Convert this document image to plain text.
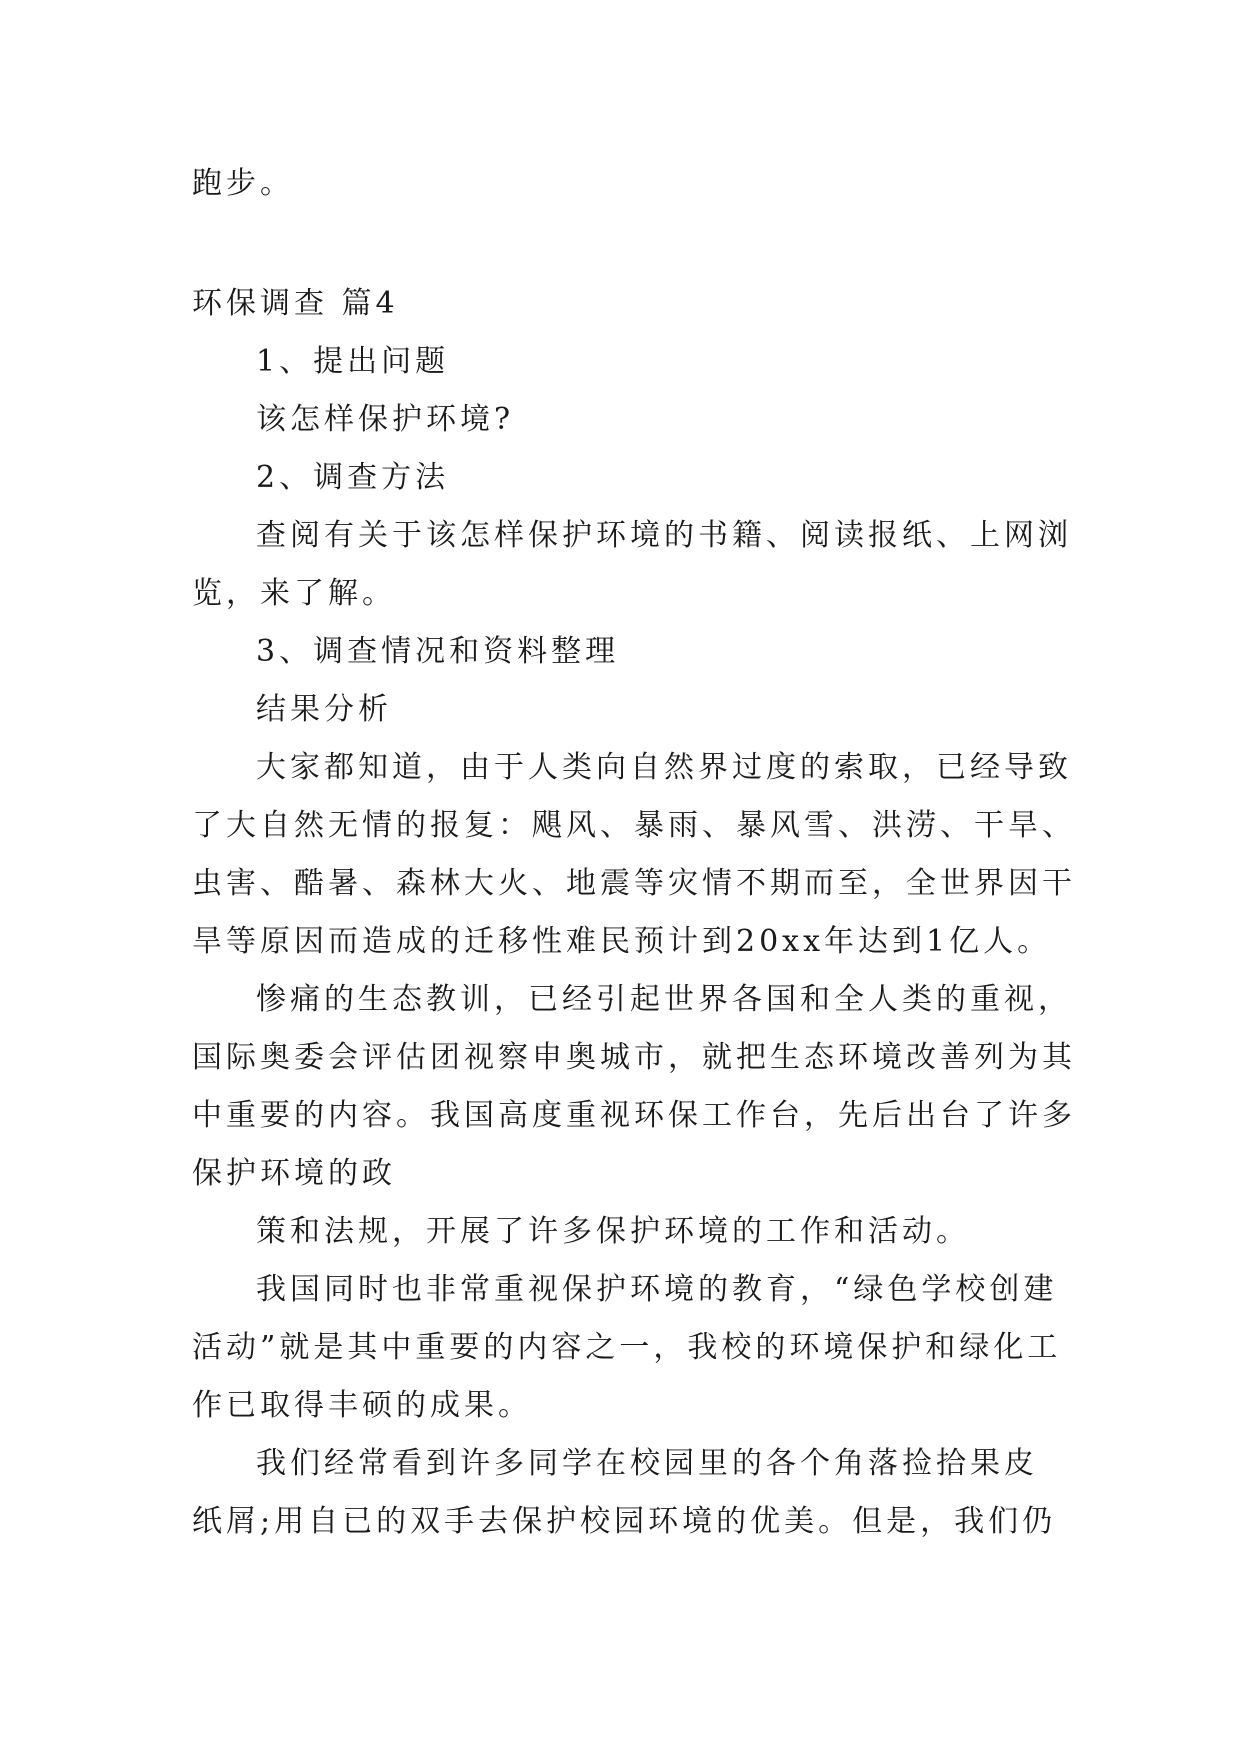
跑步。
环保调查 篇4
1、提出问题
该怎样保护环境?
2、调查方法
查阅有关于该怎样保护环境的书籍、阅读报纸、上网浏
览，来了解。
3、调查情况和资料整理
结果分析
大家都知道，由于人类向自然界过度的索取，已经导致
了大自然无情的报复：飓风、暴雨、暴风雪、洪涝、干旱、
虫害、酷暑、森林大火、地震等灾情不期而至，全世界因干
旱等原因而造成的迁移性难民预计到20xx年达到1亿人。
惨痛的生态教训，已经引起世界各国和全人类的重视，
国际奥委会评估团视察申奥城市，就把生态环境改善列为其
中重要的内容。我国高度重视环保工作台，先后出台了许多
保护环境的政
策和法规，开展了许多保护环境的工作和活动。
我国同时也非常重视保护环境的教育，“绿色学校创建
活动”就是其中重要的内容之一，我校的环境保护和绿化工
作已取得丰硕的成果。
我们经常看到许多同学在校园里的各个角落捡拾果皮
纸屑;用自已的双手去保护校园环境的优美。但是，我们仍
